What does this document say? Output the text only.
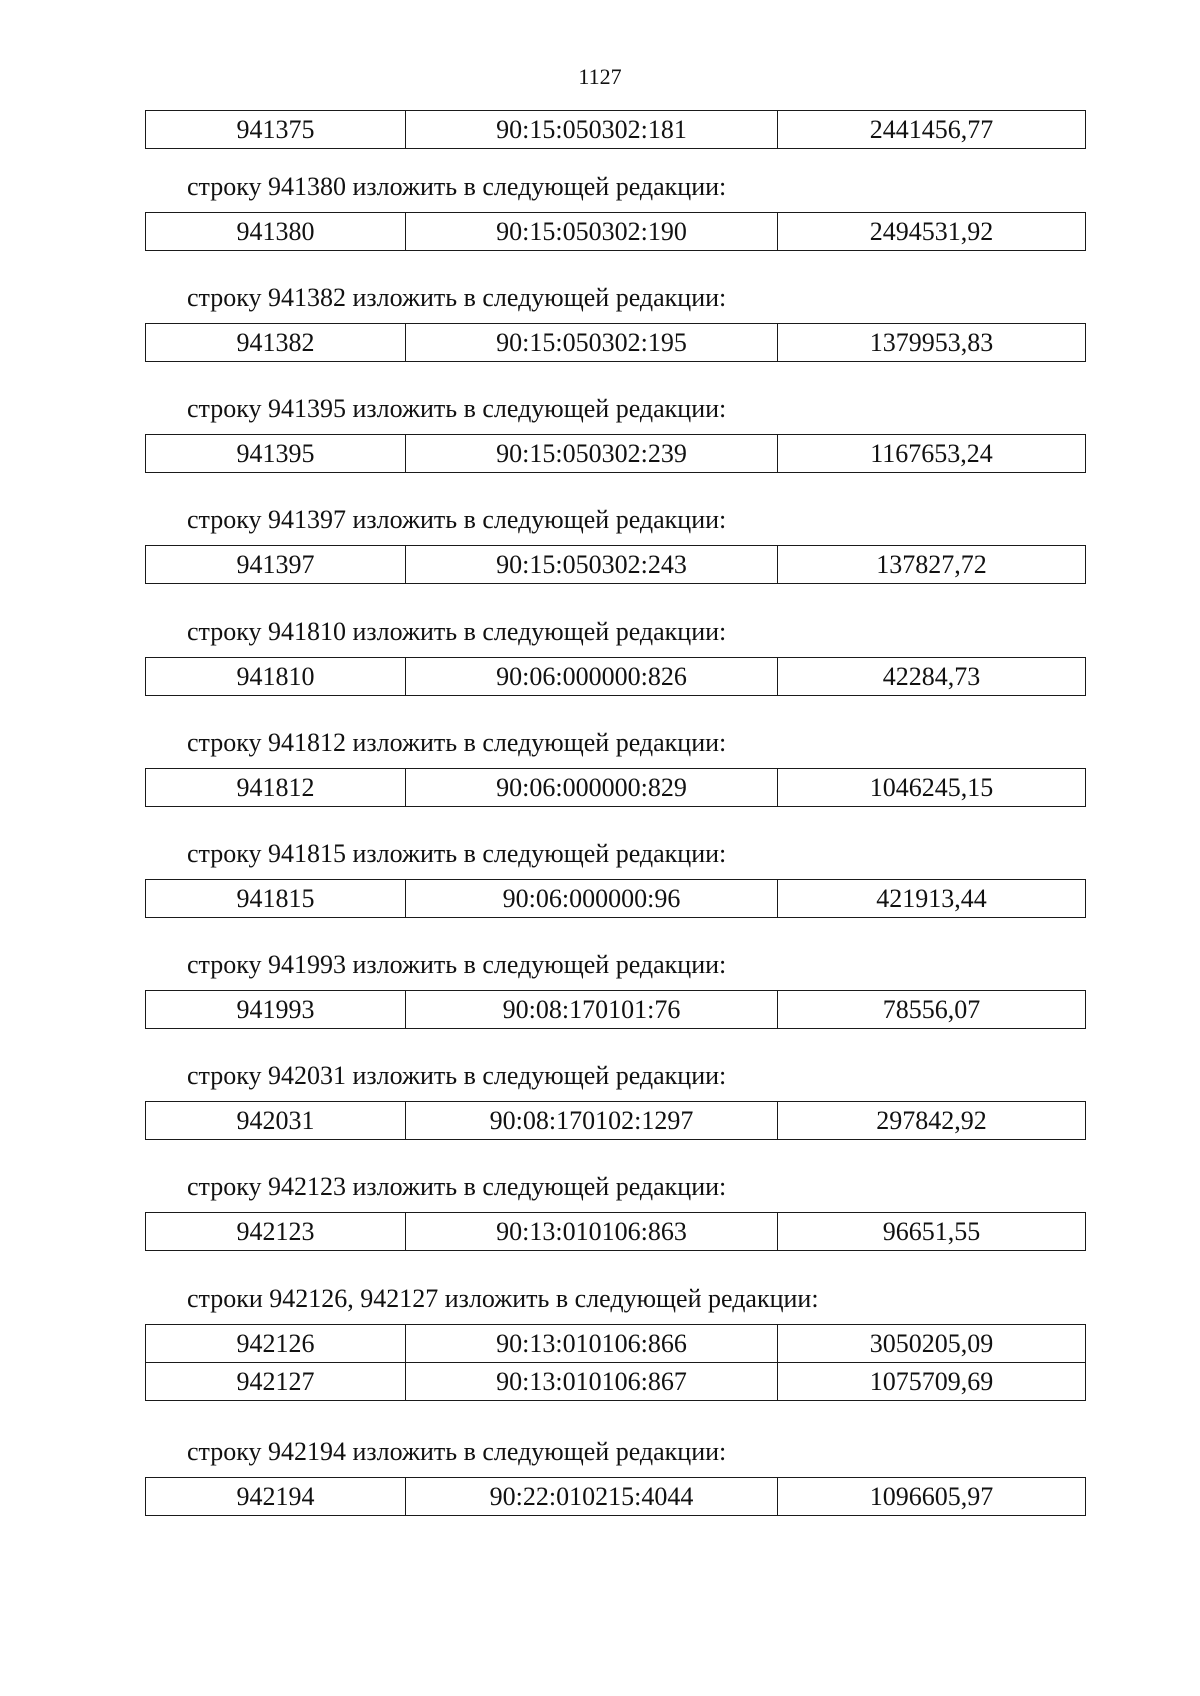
1127
941375	90:15:050302:181	2441456,77
строку 941380 изложить в следующей редакции:
941380	90:15:050302:190	2494531,92
строку 941382 изложить в следующей редакции:
941382	90:15:050302:195	1379953,83
строку 941395 изложить в следующей редакции:
941395	90:15:050302:239	1167653,24
строку 941397 изложить в следующей редакции:
941397	90:15:050302:243	137827,72
строку 941810 изложить в следующей редакции:
941810	90:06:000000:826	42284,73
строку 941812 изложить в следующей редакции:
941812	90:06:000000:829	1046245,15
строку 941815 изложить в следующей редакции:
941815	90:06:000000:96	421913,44
строку 941993 изложить в следующей редакции:
941993	90:08:170101:76	78556,07
строку 942031 изложить в следующей редакции:
942031	90:08:170102:1297	297842,92
строку 942123 изложить в следующей редакции:
942123	90:13:010106:863	96651,55
строки 942126, 942127 изложить в следующей редакции:
942126	90:13:010106:866	3050205,09
942127	90:13:010106:867	1075709,69
строку 942194 изложить в следующей редакции:
942194	90:22:010215:4044	1096605,97
